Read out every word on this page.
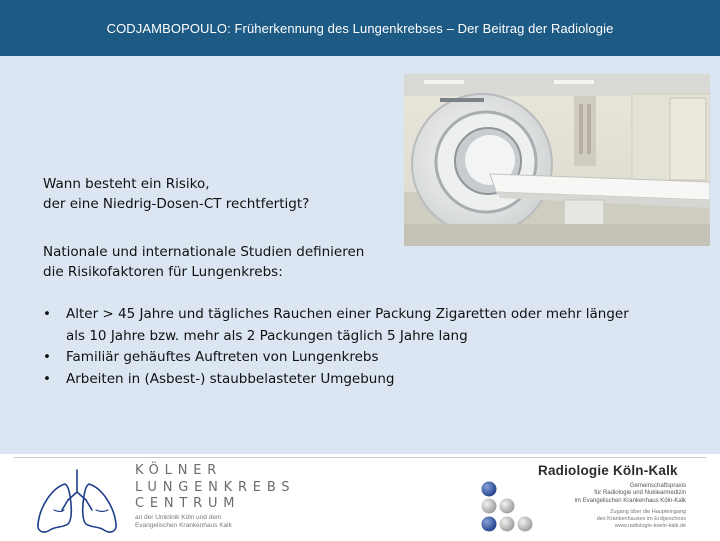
CODJAMBOPOULO: Früherkennung des Lungenkrebses – Der Beitrag der Radiologie
Wann besteht ein Risiko,
der eine Niedrig-Dosen-CT rechtfertigt?
Nationale und internationale Studien definieren
die Risikofaktoren für Lungenkrebs:
• Alter > 45 Jahre und tägliches Rauchen einer Packung Zigaretten oder mehr länger
als 10 Jahre bzw. mehr als 2 Packungen täglich 5 Jahre lang
• Familiär gehäuftes Auftreten von Lungenkrebs
• Arbeiten in (Asbest-) staubbelasteter Umgebung
KÖLNER
LUNGENKREBS
CENTRUM
an der Uniklinik Köln und dem
Evangelischen Krankenhaus Kalk
Radiologie Köln-Kalk
Gemeinschaftspraxis
für Radiologie und Nuklearmedizin
im Evangelischen Krankenhaus Köln-Kalk
Zugang über die Haupteingang
des Krankenhauses im Erdgeschoss
www.radiologie-koeln-kalk.de
